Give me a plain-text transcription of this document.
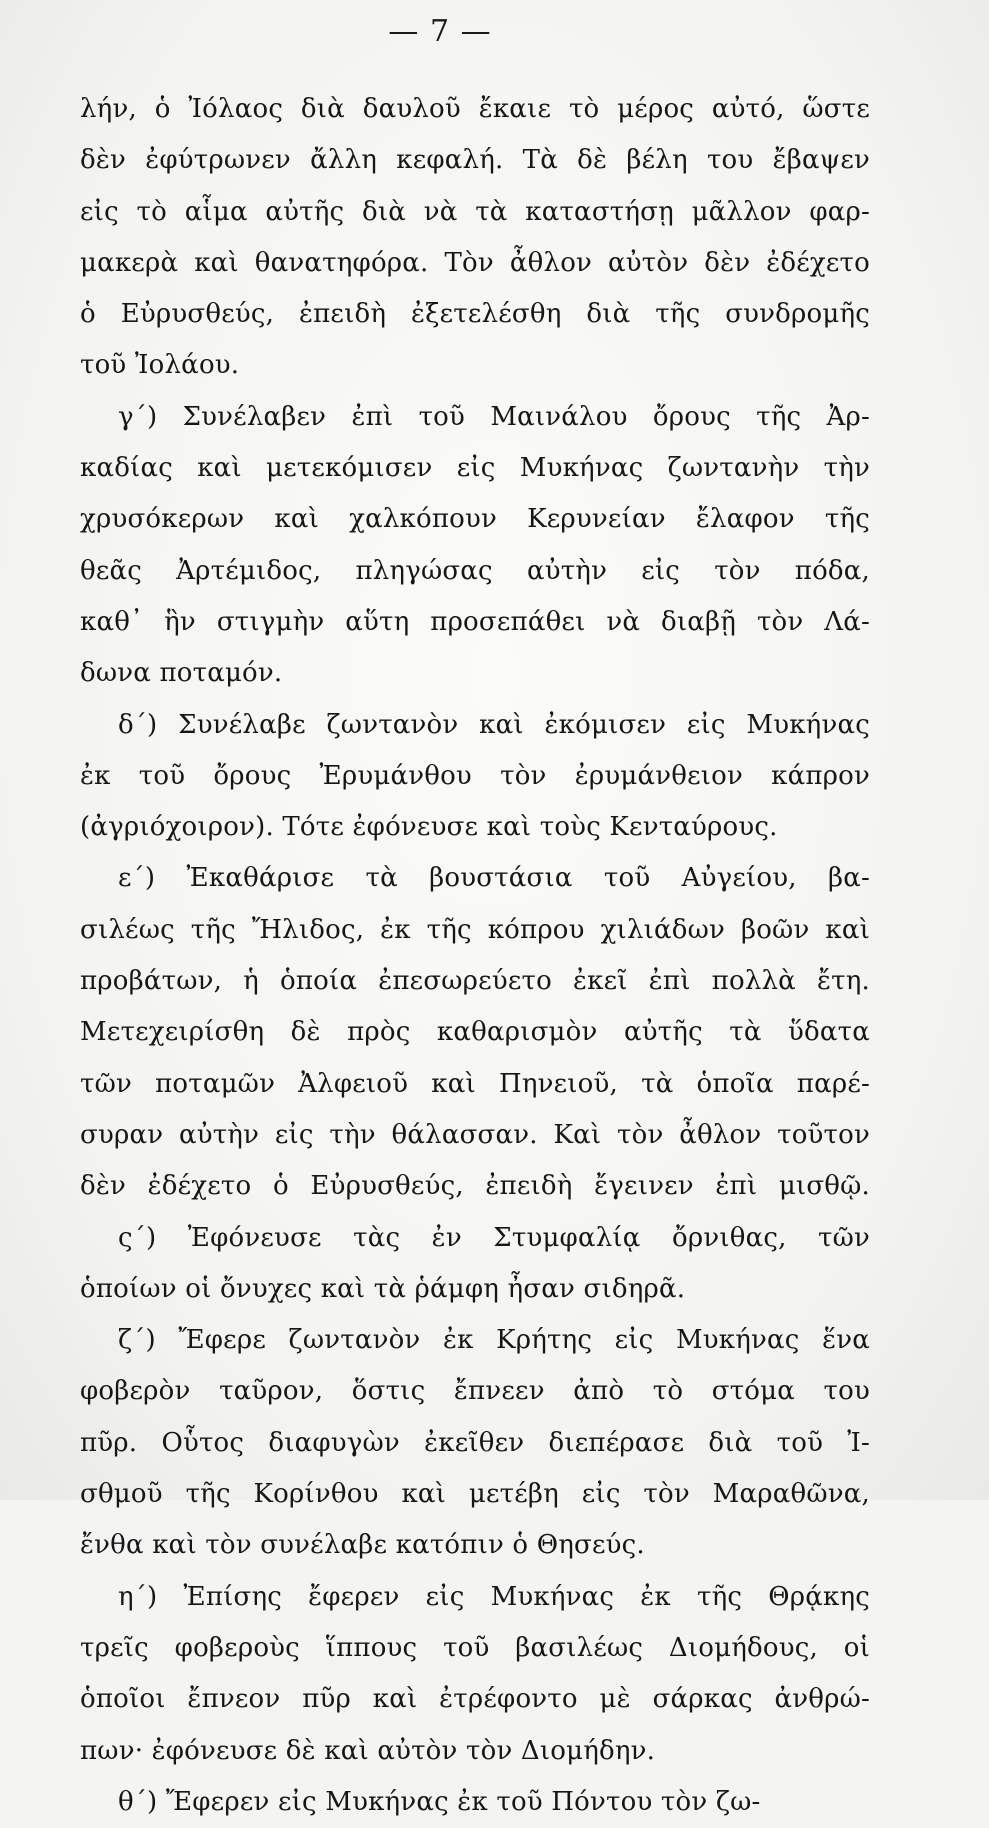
— 7 —
λήν, ὁ Ἰόλαος διὰ δαυλοῦ ἔκαιε τὸ μέρος αὐτό, ὥστε
δὲν ἐφύτρωνεν ἄλλη κεφαλή. Τὰ δὲ βέλη του ἔβαψεν
εἰς τὸ αἷμα αὐτῆς διὰ νὰ τὰ καταστήσῃ μᾶλλον φαρ-
μακερὰ καὶ θανατηφόρα. Τὸν ἆθλον αὐτὸν δὲν ἐδέχετο
ὁ Εὐρυσθεύς, ἐπειδὴ ἐξετελέσθη διὰ τῆς συνδρομῆς
τοῦ Ἰολάου.
γ΄) Συνέλαβεν ἐπὶ τοῦ Μαινάλου ὄρους τῆς Ἀρ-
καδίας καὶ μετεκόμισεν εἰς Μυκήνας ζωντανὴν τὴν
χρυσόκερων καὶ χαλκόπουν Κερυνείαν ἔλαφον τῆς
θεᾶς Ἀρτέμιδος, πληγώσας αὐτὴν εἰς τὸν πόδα,
καθ᾿ ἣν στιγμὴν αὕτη προσεπάθει νὰ διαβῇ τὸν Λά-
δωνα ποταμόν.
δ΄) Συνέλαβε ζωντανὸν καὶ ἐκόμισεν εἰς Μυκήνας
ἐκ τοῦ ὄρους Ἐρυμάνθου τὸν ἐρυμάνθειον κάπρον
(ἀγριόχοιρον). Τότε ἐφόνευσε καὶ τοὺς Κενταύρους.
ε΄) Ἐκαθάρισε τὰ βουστάσια τοῦ Αὐγείου, βα-
σιλέως τῆς Ἤλιδος, ἐκ τῆς κόπρου χιλιάδων βοῶν καὶ
προβάτων, ἡ ὁποία ἐπεσωρεύετο ἐκεῖ ἐπὶ πολλὰ ἔτη.
Μετεχειρίσθη δὲ πρὸς καθαρισμὸν αὐτῆς τὰ ὕδατα
τῶν ποταμῶν Ἀλφειοῦ καὶ Πηνειοῦ, τὰ ὁποῖα παρέ-
συραν αὐτὴν εἰς τὴν θάλασσαν. Καὶ τὸν ἆθλον τοῦτον
δὲν ἐδέχετο ὁ Εὐρυσθεύς, ἐπειδὴ ἔγεινεν ἐπὶ μισθῷ.
ς΄) Ἐφόνευσε τὰς ἐν Στυμφαλίᾳ ὄρνιθας, τῶν
ὁποίων οἱ ὄνυχες καὶ τὰ ῥάμφη ἦσαν σιδηρᾶ.
ζ΄) Ἔφερε ζωντανὸν ἐκ Κρήτης εἰς Μυκήνας ἕνα
φοβερὸν ταῦρον, ὅστις ἔπνεεν ἀπὸ τὸ στόμα του
πῦρ. Οὗτος διαφυγὼν ἐκεῖθεν διεπέρασε διὰ τοῦ Ἰ-
σθμοῦ τῆς Κορίνθου καὶ μετέβη εἰς τὸν Μαραθῶνα,
ἔνθα καὶ τὸν συνέλαβε κατόπιν ὁ Θησεύς.
η΄) Ἐπίσης ἔφερεν εἰς Μυκήνας ἐκ τῆς Θρᾴκης
τρεῖς φοβεροὺς ἵππους τοῦ βασιλέως Διομήδους, οἱ
ὁποῖοι ἔπνεον πῦρ καὶ ἐτρέφοντο μὲ σάρκας ἀνθρώ-
πων· ἐφόνευσε δὲ καὶ αὐτὸν τὸν Διομήδην.
θ΄) Ἔφερεν εἰς Μυκήνας ἐκ τοῦ Πόντου τὸν ζω-
